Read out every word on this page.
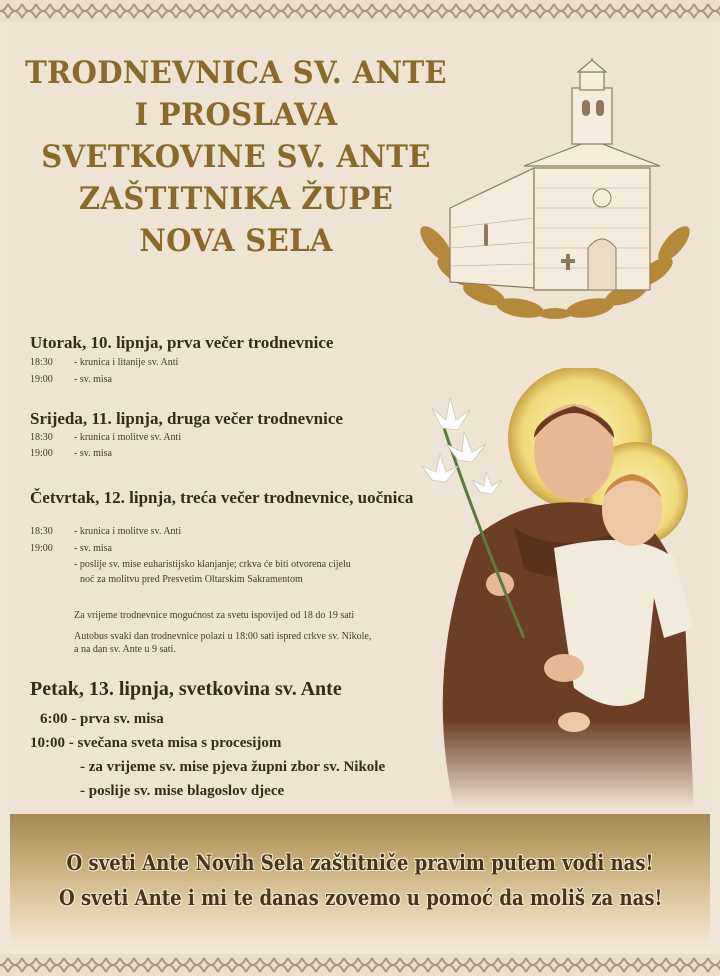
TRODNEVNICA SV. ANTE
I PROSLAVA
SVETKOVINE SV. ANTE
ZAŠTITNIKA ŽUPE
NOVA SELA
Utorak, 10. lipnja, prva večer trodnevnice
18:30 - krunica i litanije sv. Anti
19:00 - sv. misa
Srijeda, 11. lipnja, druga večer trodnevnice
18:30 - krunica i molitve sv. Anti
19:00 - sv. misa
Četvrtak, 12. lipnja, treća večer trodnevnice, uočnica
18:30 - krunica i molitve sv. Anti
19:00 - sv. misa
- poslije sv. mise euharistijsko klanjanje; crkva će biti otvorena cijelu
noć za molitvu pred Presvetim Oltarskim Sakramentom
Za vrijeme trodnevnice mogućnost za svetu ispovijed od 18 do 19 sati
Autobus svaki dan trodnevnice polazi u 18:00 sati ispred crkve sv. Nikole,
a na dan sv. Ante u 9 sati.
Petak, 13. lipnja, svetkovina sv. Ante
6:00 - prva sv. misa
10:00 - svečana sveta misa s procesijom
- za vrijeme sv. mise pjeva župni zbor sv. Nikole
- poslije sv. mise blagoslov djece
O sveti Ante Novih Sela zaštitniče pravim putem vodi nas!
O sveti Ante i mi te danas zovemo u pomoć da moliš za nas!
